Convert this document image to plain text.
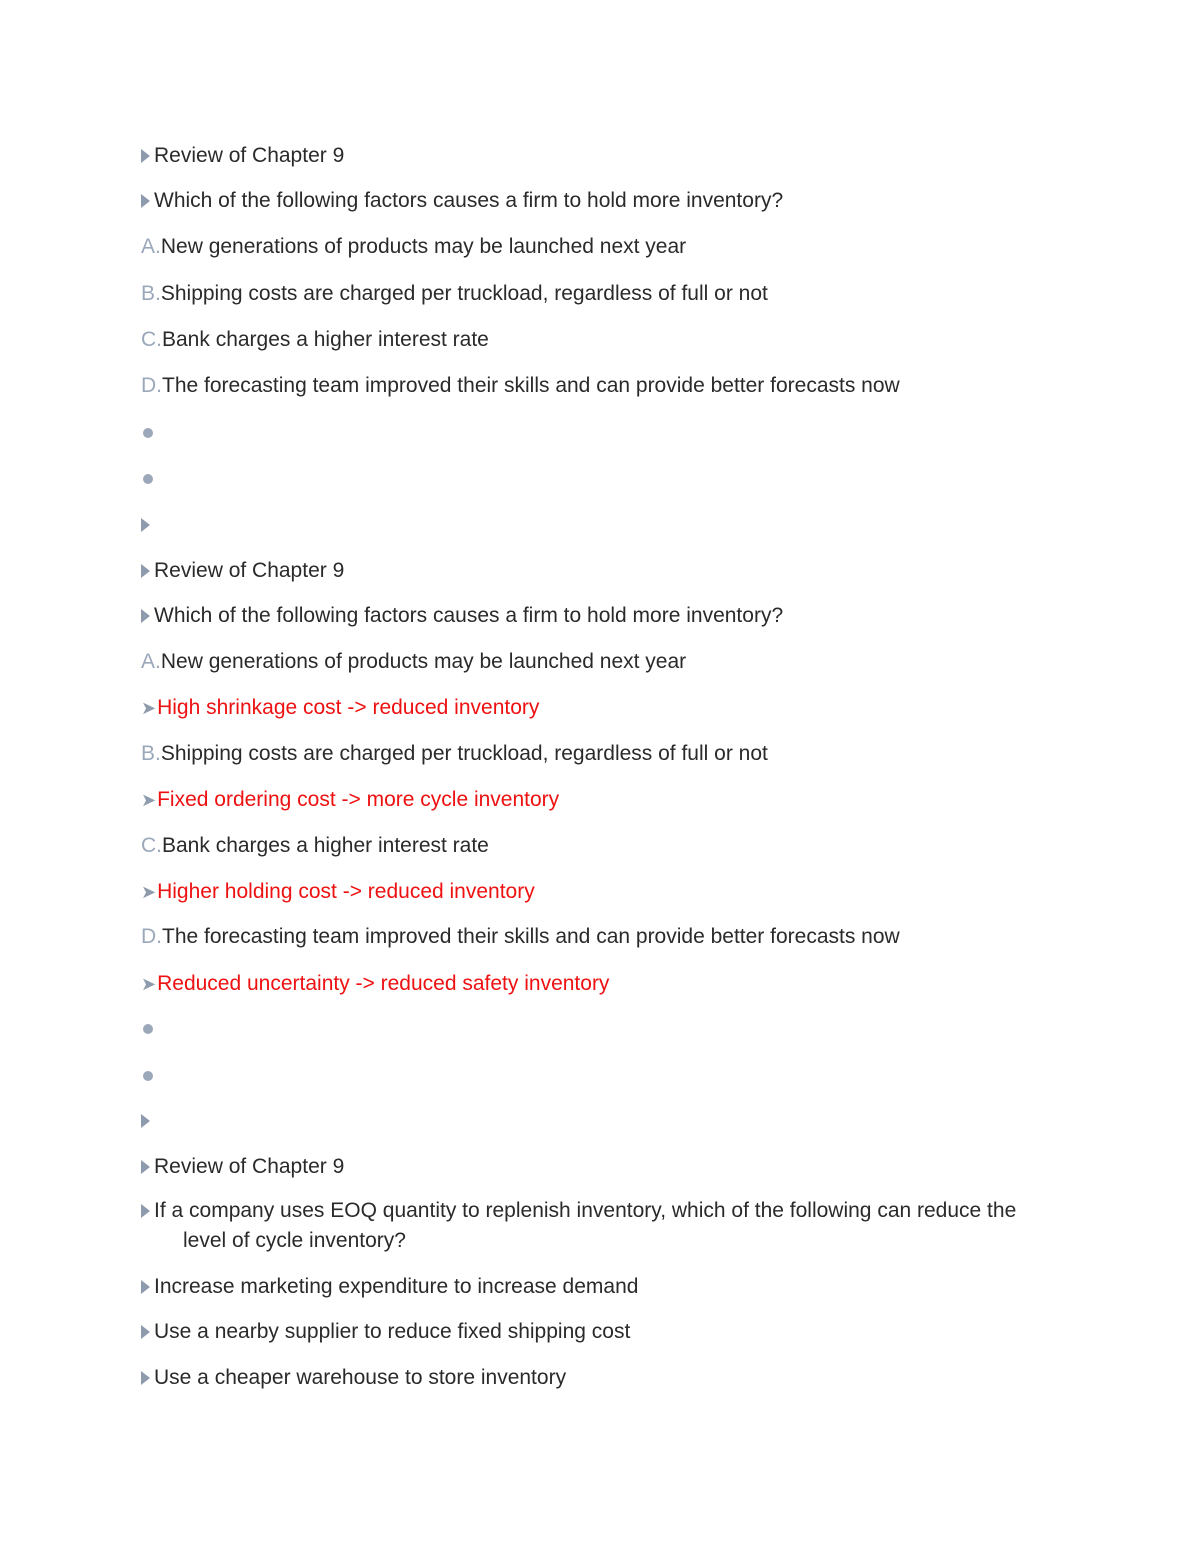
Review of Chapter 9
Which of the following factors causes a firm to hold more inventory?
A.New generations of products may be launched next year
B.Shipping costs are charged per truckload, regardless of full or not
C.Bank charges a higher interest rate
D.The forecasting team improved their skills and can provide better forecasts now
Review of Chapter 9
Which of the following factors causes a firm to hold more inventory?
A.New generations of products may be launched next year
➤High shrinkage cost -> reduced inventory
B.Shipping costs are charged per truckload, regardless of full or not
➤Fixed ordering cost -> more cycle inventory
C.Bank charges a higher interest rate
➤Higher holding cost -> reduced inventory
D.The forecasting team improved their skills and can provide better forecasts now
➤Reduced uncertainty -> reduced safety inventory
Review of Chapter 9
If a company uses EOQ quantity to replenish inventory, which of the following can reduce the
level of cycle inventory?
Increase marketing expenditure to increase demand
Use a nearby supplier to reduce fixed shipping cost
Use a cheaper warehouse to store inventory
